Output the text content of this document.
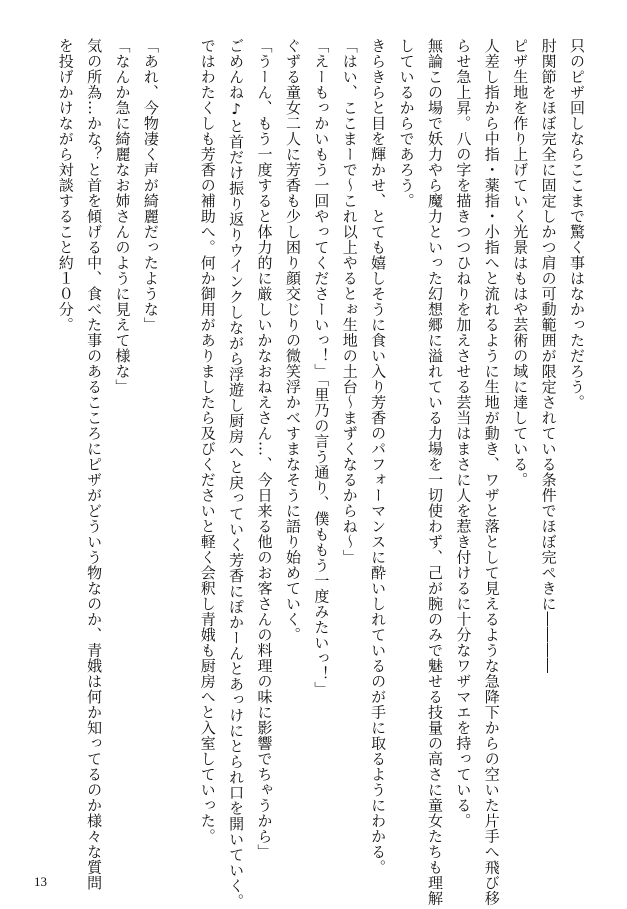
只のピザ回しならここまで驚く事はなかっただろう。

肘関節をほぼ完全に固定しかつ肩の可動範囲が限定されている条件でほぼ完ぺきに――――

ピザ生地を作り上げていく光景はもはや芸術の域に達している。

人差し指から中指・薬指・小指へと流れるように生地が動き、ワザと落として見えるような急降下からの空いた片手へ飛び移

らせ急上昇。八の字を描きつつひねりを加えさせる芸当はまさに人を惹き付けるに十分なワザマエを持っている。

無論この場で妖力やら魔力といった幻想郷に溢れている力場を一切使わず、己が腕のみで魅せる技量の高さに童女たちも理解

しているからであろう。

きらきらと目を輝かせ、とても嬉しそうに食い入り芳香のパフォーマンスに酔いしれているのが手に取るようにわかる。

「はい、ここまーで～これ以上やるとぉ生地の土台～まずくなるからね～」

「えーもっかいもう一回やってくださーいっ！」「里乃の言う通り、僕ももう一度みたいっ！」

ぐずる童女二人に芳香も少し困り顔交じりの微笑浮かべすまなそうに語り始めていく。

「うーん、もう一度すると体力的に厳しいかなおねえさん…、今日来る他のお客さんの料理の味に影響でちゃうから」

ごめんね♪と首だけ振り返りウインクしながら浮遊し厨房へと戻っていく芳香にぽかーんとあっけにとられ口を開いていく。

ではわたくしも芳香の補助へ。何か御用がありましたら及びくださいと軽く会釈し青娥も厨房へと入室していった。

「あれ、今物凄く声が綺麗だったような」

「なんか急に綺麗なお姉さんのように見えて様な」

気の所為…かな？と首を傾げる中、食べた事のあるこころにピザがどういう物なのか、青娥は何か知ってるのか様々な質問

を投げかけながら対談すること約１０分。

13
